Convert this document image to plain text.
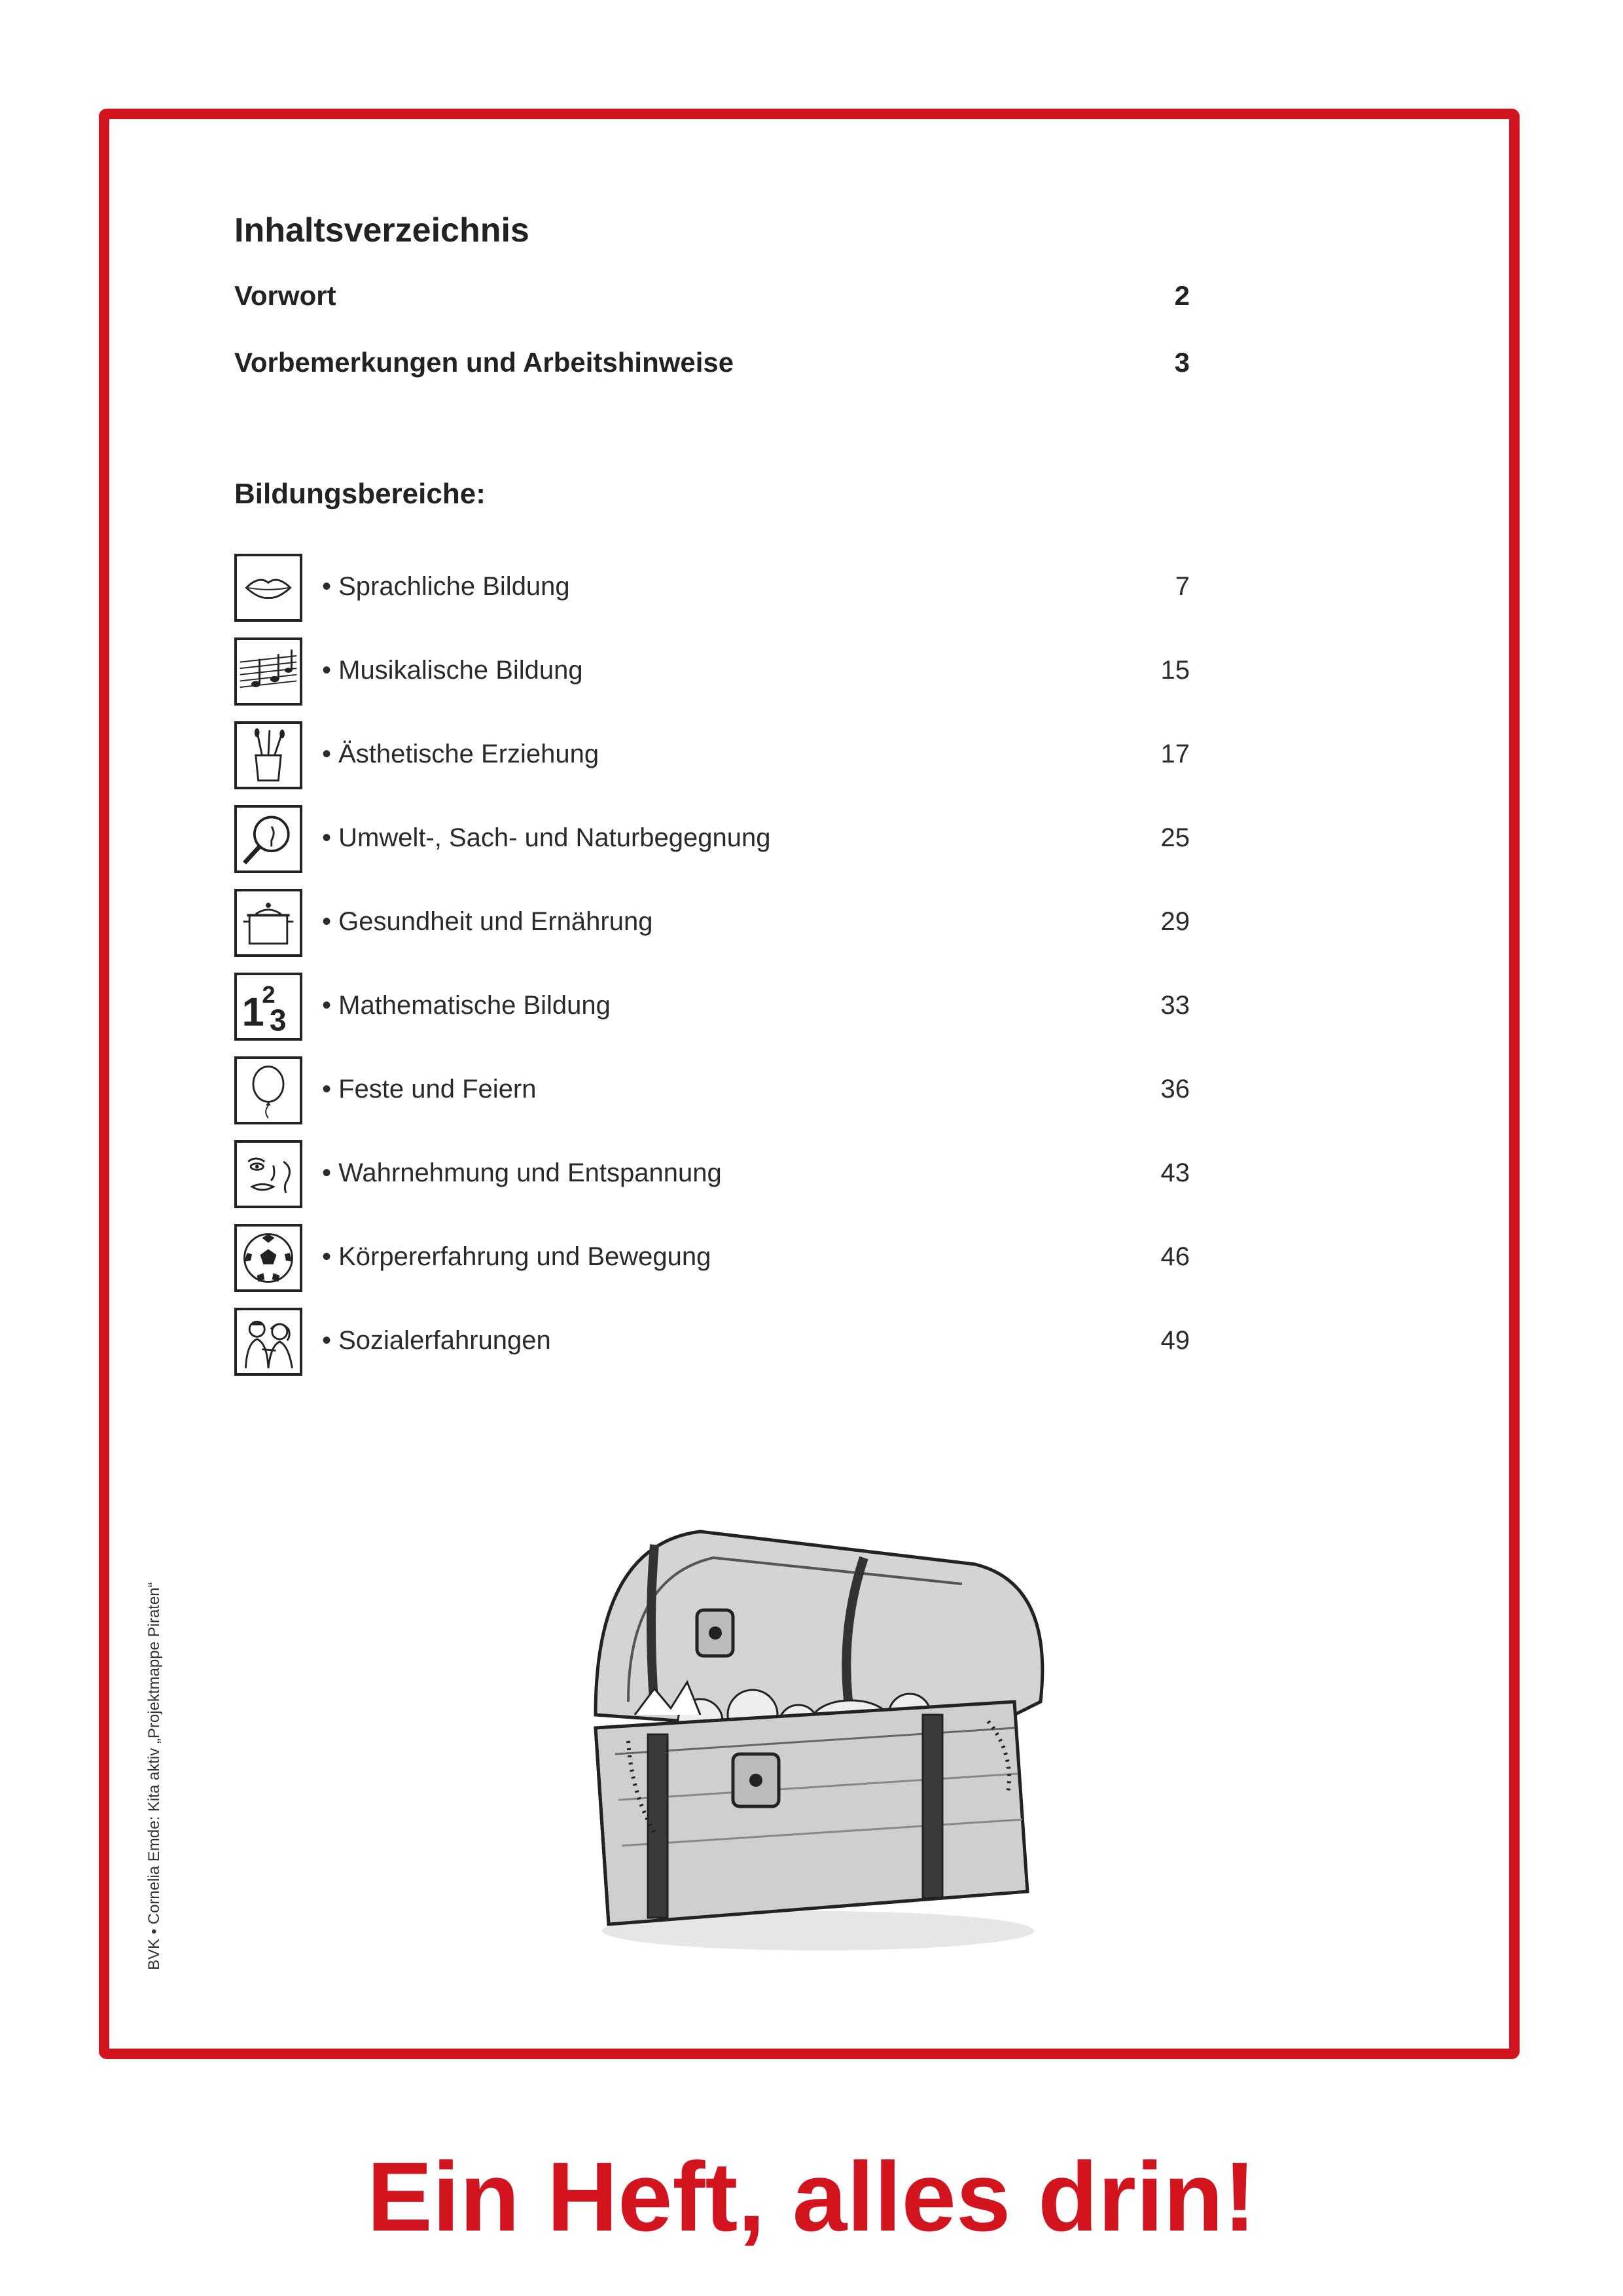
Inhaltsverzeichnis
Vorwort	2
Vorbemerkungen und Arbeitshinweise	3
Bildungsbereiche:
• Sprachliche Bildung	7
• Musikalische Bildung	15
• Ästhetische Erziehung	17
• Umwelt-, Sach- und Naturbegegnung	25
• Gesundheit und Ernährung	29
1
2
3 • Mathematische Bildung	33
• Feste und Feiern	36
• Wahrnehmung und Entspannung	43
• Körpererfahrung und Bewegung	46
• Sozialerfahrungen	49
BVK • Cornelia Emde: Kita aktiv „Projektmappe Piraten“
Ein Heft, alles drin!
